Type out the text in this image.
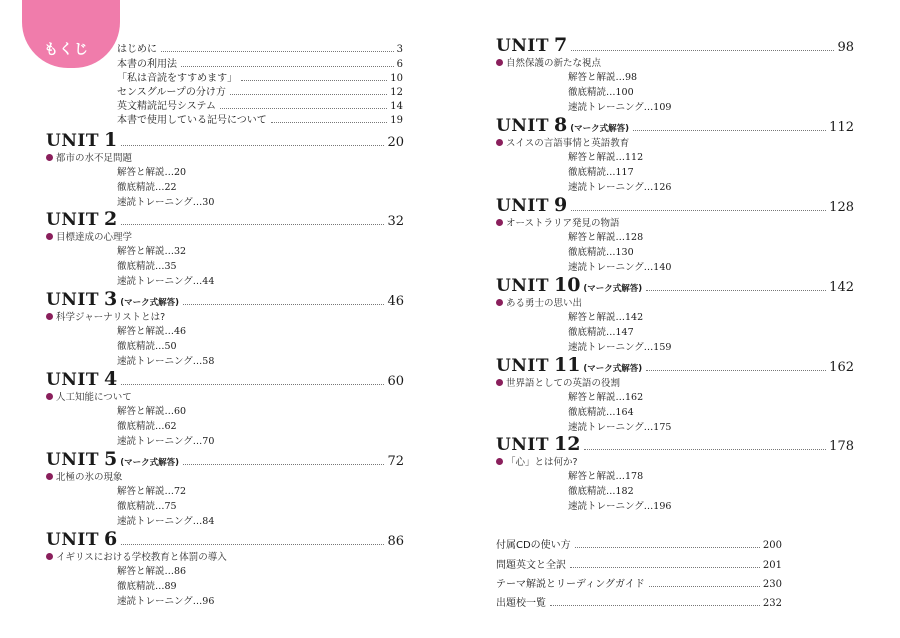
もくじ	はじめに	3
本書の利用法	6
「私は音読をすすめます」	10
センスグループの分け方	12
英文精読記号システム	14
本書で使用している記号について	19
UNIT 1	20
都市の水不足問題
解答と解説…20
徹底精読…22
速読トレーニング…30
UNIT 2	32
目標達成の心理学
解答と解説…32
徹底精読…35
速読トレーニング…44
UNIT 3 (マーク式解答)	46
科学ジャーナリストとは?
解答と解説…46
徹底精読…50
速読トレーニング…58
UNIT 4	60
人工知能について
解答と解説…60
徹底精読…62
速読トレーニング…70
UNIT 5 (マーク式解答)	72
北極の氷の現象
解答と解説…72
徹底精読…75
速読トレーニング…84
UNIT 6	86
イギリスにおける学校教育と体罰の導入
解答と解説…86
徹底精読…89
速読トレーニング…96
UNIT 7	98
自然保護の新たな視点
解答と解説…98
徹底精読…100
速読トレーニング…109
UNIT 8 (マーク式解答)	112
スイスの言語事情と英語教育
解答と解説…112
徹底精読…117
速読トレーニング…126
UNIT 9	128
オーストラリア発見の物語
解答と解説…128
徹底精読…130
速読トレーニング…140
UNIT 10 (マーク式解答)	142
ある勇士の思い出
解答と解説…142
徹底精読…147
速読トレーニング…159
UNIT 11 (マーク式解答)	162
世界語としての英語の役割
解答と解説…162
徹底精読…164
速読トレーニング…175
UNIT 12	178
「心」とは何か?
解答と解説…178
徹底精読…182
速読トレーニング…196
付属CDの使い方	200
問題英文と全訳	201
テーマ解説とリーディングガイド	230
出題校一覧	232
